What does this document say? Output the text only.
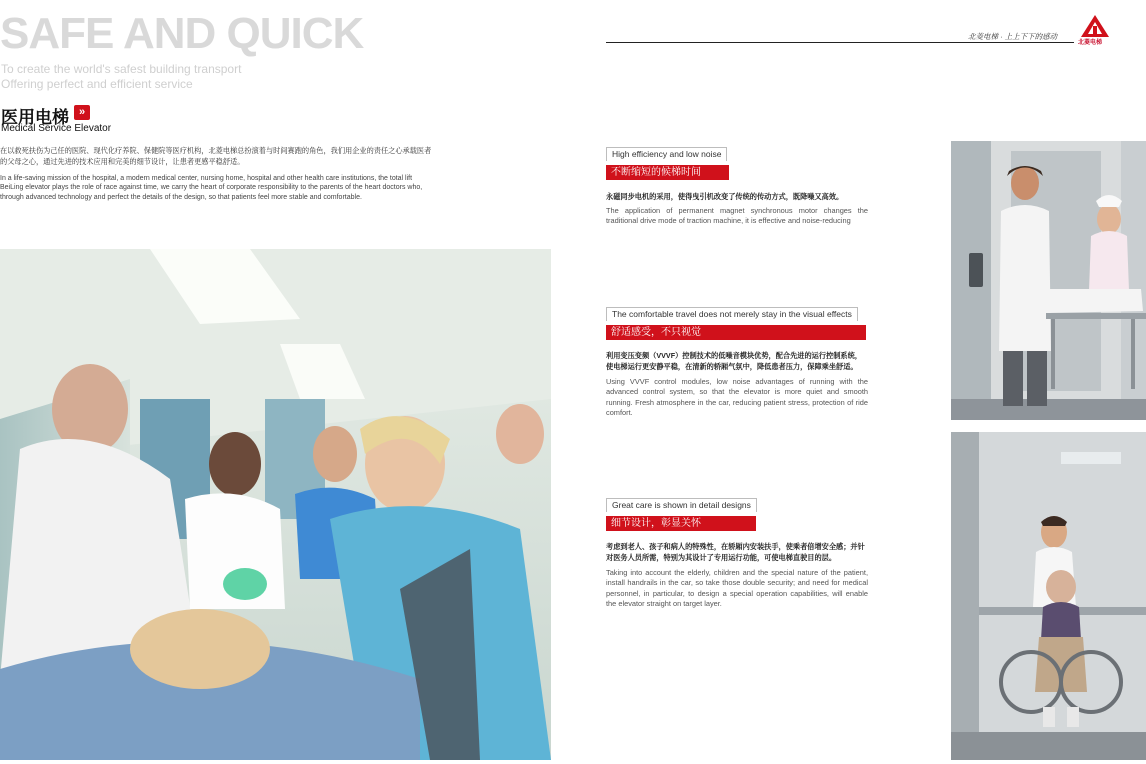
SAFE AND QUICK
To create the world's safest building transport
Offering perfect and efficient service
医用电梯 »
Medical Service Elevator
在以救死扶伤为己任的医院、现代化疗养院、保健院等医疗机构，北菱电梯总扮演着与时间赛跑的角色，我们用企业的责任之心承载医者的父母之心，通过先进的技术应用和完美的细节设计，让患者更感平稳舒适。
In a life-saving mission of the hospital, a modern medical center, nursing home, hospital and other health care institutions, the total lift BeiLing elevator plays the role of race against time, we carry the heart of corporate responsibility to the parents of the heart doctors who, through advanced technology and perfect the details of the design, so that patients feel more stable and comfortable.
北菱电梯 · 上上下下的感动
北菱电梯
High efficiency and low noise
不断缩短的候梯时间
永磁同步电机的采用，使得曳引机改变了传统的传动方式，既降噪又高效。
The application of permanent magnet synchronous motor changes the traditional drive mode of traction machine, it is effective and noise-reducing
The comfortable travel does not merely stay in the visual effects
舒适感受，不只视觉
利用变压变频（VVVF）控制技术的低噪音模块优势，配合先进的运行控制系统，使电梯运行更安静平稳，在清新的轿厢气氛中，降低患者压力，保障乘坐舒适。
Using VVVF control modules, low noise advantages of running with the advanced control system, so that the elevator is more quiet and smooth running. Fresh atmosphere in the car, reducing patient stress, protection of ride comfort.
Great care is shown in detail designs
细节设计，彰显关怀
考虑到老人、孩子和病人的特殊性，在轿厢内安装扶手，使乘者倍增安全感；并针对医务人员所需，特别为其设计了专用运行功能，可使电梯直驶目的层。
Taking into account the elderly, children and the special nature of the patient, install handrails in the car, so take those double security; and need for medical personnel, in particular, to design a special operation capabilities, will enable the elevator straight on target layer.
